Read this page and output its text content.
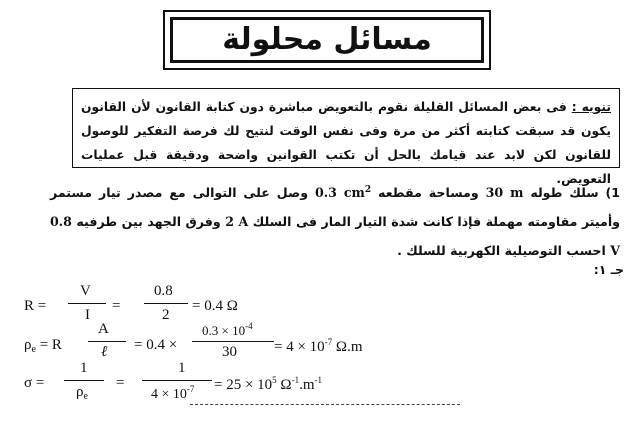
مسائل محلولة
تنويه : فى بعض المسائل القليلة نقوم بالتعويض مباشرة دون كتابة القانون لأن القانون يكون قد سبقت كتابته أكثر من مرة وفى نفس الوقت لنتيح لك فرصة التفكير للوصول للقانون لكن لابد عند قيامك بالحل أن تكتب القوانين واضحة ودقيقة قبل عمليات التعويض.
1) سلك طوله 30 m ومساحة مقطعه 0.3 $cm^2$ وصل على التوالى مع مصدر تيار مستمر وأميتر مقاومته مهملة فإذا كانت شدة التيار المار فى السلك 2 A وفرق الجهد بين طرفيه 0.8 V احسب التوصيلية الكهربية للسلك .
جـ ١:
R =
V
I
=
0.8
2
= 0.4 Ω
$\rho_e = R$
A
ℓ = 0.4 ×
$0.3 \times 10^{-4}$
$30 = 4 \times 10^{-7}$ Ω.m
σ =
1
$\rho_e$
=
1
$4 \times 10^{-7} = 25 \times 10^5$ $\Omega^{-1}.m^{-1}$
